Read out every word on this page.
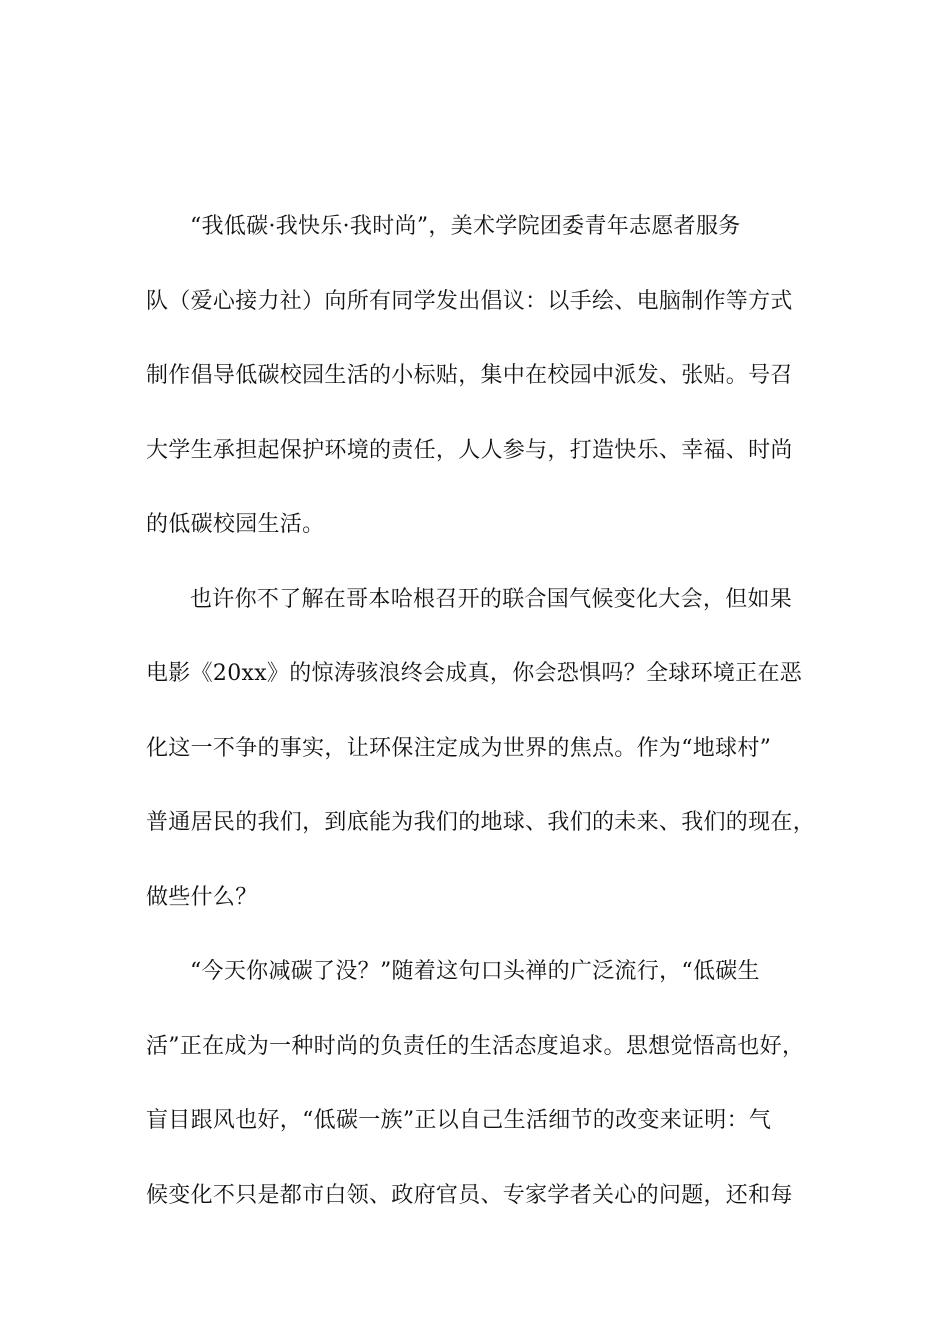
“我低碳·我快乐·我时尚”，美术学院团委青年志愿者服务
队（爱心接力社）向所有同学发出倡议：以手绘、电脑制作等方式
制作倡导低碳校园生活的小标贴，集中在校园中派发、张贴。号召
大学生承担起保护环境的责任，人人参与，打造快乐、幸福、时尚
的低碳校园生活。
也许你不了解在哥本哈根召开的联合国气候变化大会，但如果
电影《20xx》的惊涛骇浪终会成真，你会恐惧吗？全球环境正在恶
化这一不争的事实，让环保注定成为世界的焦点。作为“地球村”
普通居民的我们，到底能为我们的地球、我们的未来、我们的现在，
做些什么？
“今天你减碳了没？”随着这句口头禅的广泛流行，“低碳生
活”正在成为一种时尚的负责任的生活态度追求。思想觉悟高也好，
盲目跟风也好，“低碳一族”正以自己生活细节的改变来证明：气
候变化不只是都市白领、政府官员、专家学者关心的问题，还和每
